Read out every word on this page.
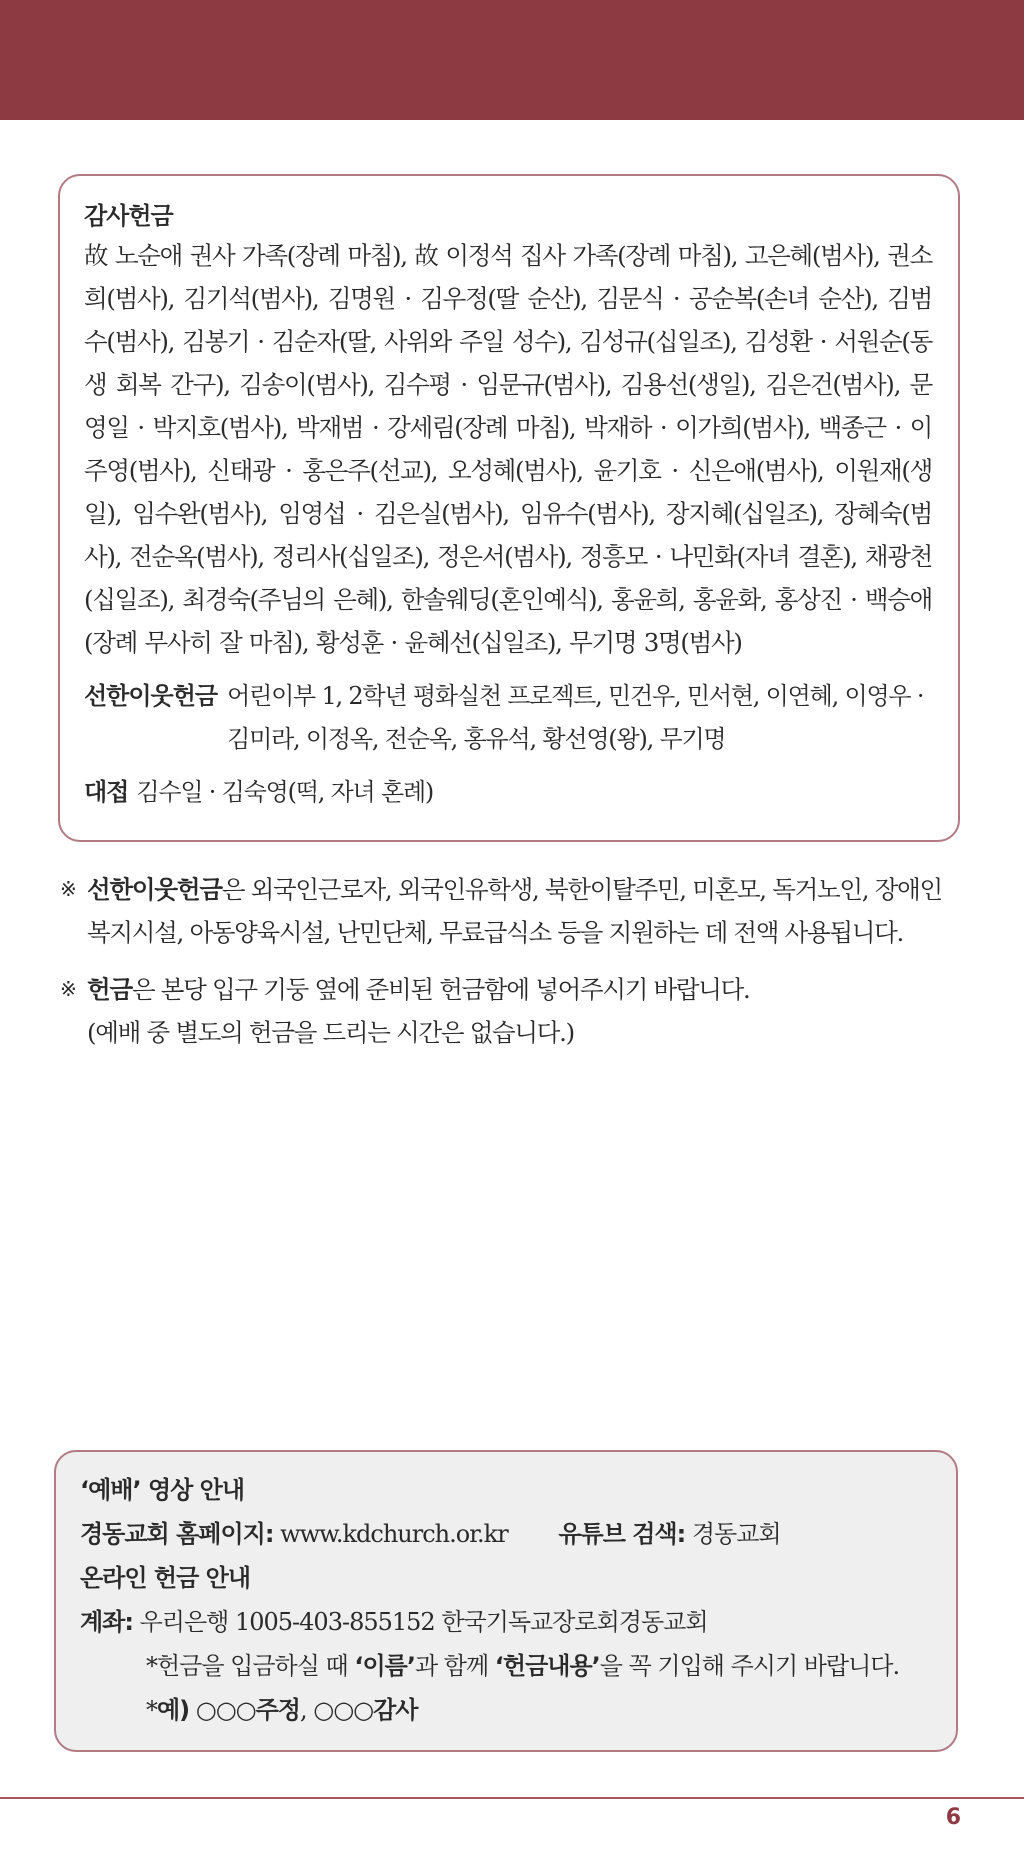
감사헌금

故 노순애 권사 가족(장례 마침), 故 이정석 집사 가족(장례 마침), 고은혜(범사), 권소희(범사), 김기석(범사), 김명원 · 김우정(딸 순산), 김문식 · 공순복(손녀 순산), 김범수(범사), 김봉기 · 김순자(딸, 사위와 주일 성수), 김성규(십일조), 김성환 · 서원순(동생 회복 간구), 김송이(범사), 김수평 · 임문규(범사), 김용선(생일), 김은건(범사), 문영일 · 박지호(범사), 박재범 · 강세림(장례 마침), 박재하 · 이가희(범사), 백종근 · 이주영(범사), 신태광 · 홍은주(선교), 오성혜(범사), 윤기호 · 신은애(범사), 이원재(생일), 임수완(범사), 임영섭 · 김은실(범사), 임유수(범사), 장지혜(십일조), 장혜숙(범사), 전순옥(범사), 정리사(십일조), 정은서(범사), 정흥모 · 나민화(자녀 결혼), 채광천(십일조), 최경숙(주님의 은혜), 한솔웨딩(혼인예식), 홍윤희, 홍윤화, 홍상진 · 백승애(장례 무사히 잘 마침), 황성훈 · 윤혜선(십일조), 무기명 3명(범사)

선한이웃헌금 어린이부 1, 2학년 평화실천 프로젝트, 민건우, 민서현, 이연혜, 이영우 · 김미라, 이정옥, 전순옥, 홍유석, 황선영(왕), 무기명
대접 김수일 · 김숙영(떡, 자녀 혼례)
※ 선한이웃헌금은 외국인근로자, 외국인유학생, 북한이탈주민, 미혼모, 독거노인, 장애인 복지시설, 아동양육시설, 난민단체, 무료급식소 등을 지원하는 데 전액 사용됩니다.
※ 헌금은 본당 입구 기둥 옆에 준비된 헌금함에 넣어주시기 바랍니다.
(예배 중 별도의 헌금을 드리는 시간은 없습니다.)
‘예배’ 영상 안내
경동교회 홈페이지: www.kdchurch.or.kr 유튜브 검색: 경동교회
온라인 헌금 안내
계좌: 우리은행 1005-403-855152 한국기독교장로회경동교회
*헌금을 입금하실 때 ‘이름’과 함께 ‘헌금내용’을 꼭 기입해 주시기 바랍니다.
*예) ○○○주정, ○○○감사
6
